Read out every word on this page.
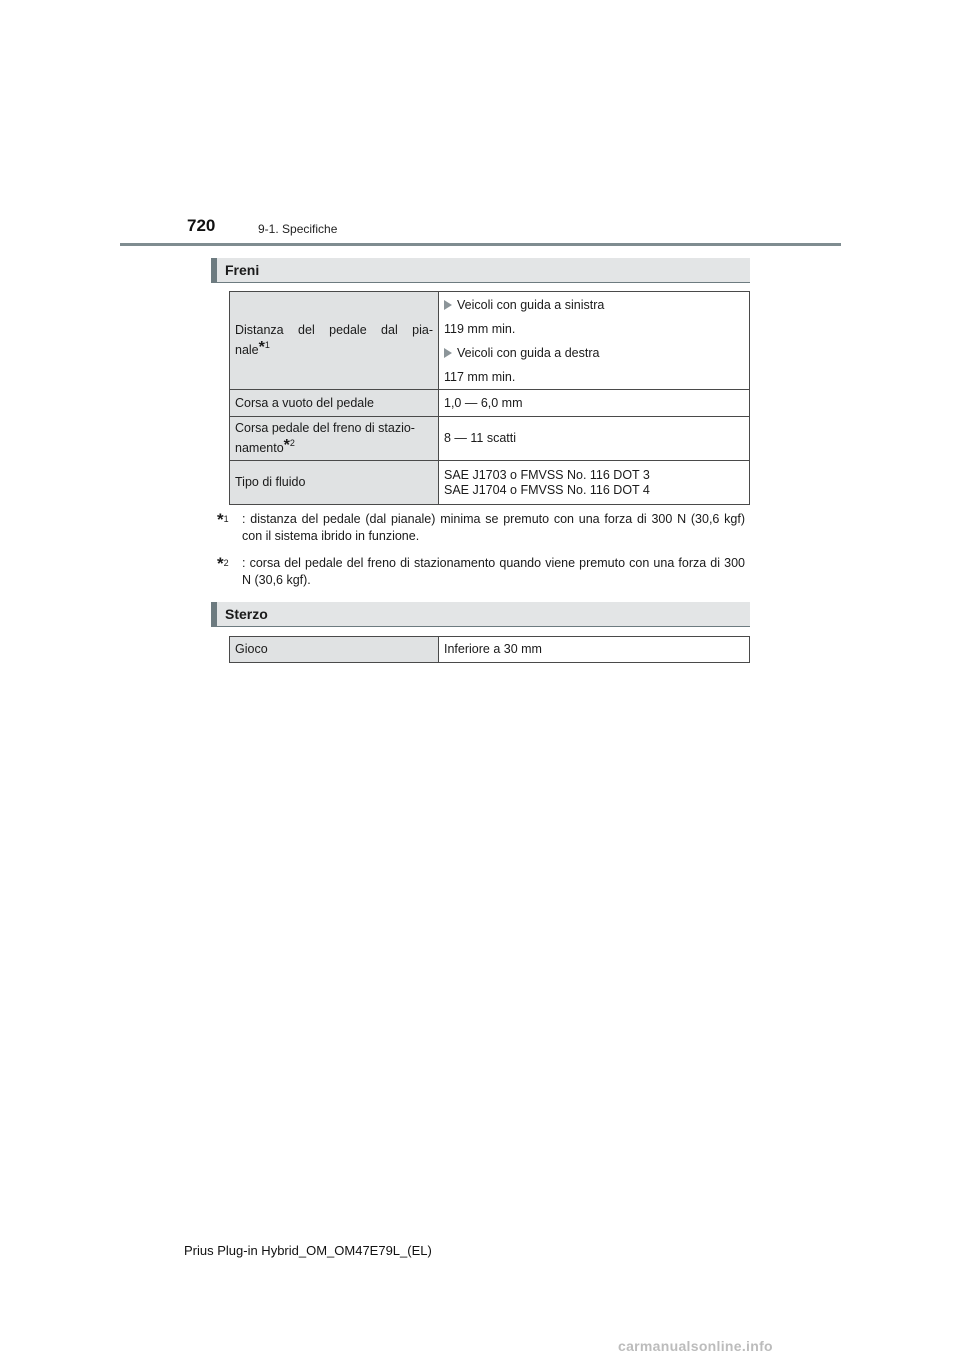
720	9-1. Specifiche
Freni
Distanza del pedale dal pia-
nale*$^1$	Veicoli con guida a sinistra
119 mm min.
Veicoli con guida a destra
117 mm min.

Corsa a vuoto del pedale	1,0 — 6,0 mm

Corsa pedale del freno di stazio-
namento*$^2$	8 — 11 scatti
Tipo di fluido	SAE J1703 o FMVSS No. 116 DOT 3
SAE J1704 o FMVSS No. 116 DOT 4
*$^1$	: distanza del pedale (dal pianale) minima se premuto con una forza di 300 N (30,6 kgf) con il sistema ibrido in funzione.
*$^2$	: corsa del pedale del freno di stazionamento quando viene premuto con una forza di 300 N (30,6 kgf).
Sterzo
Gioco	Inferiore a 30 mm
Prius Plug-in Hybrid_OM_OM47E79L_(EL)
carmanualsonline.info
